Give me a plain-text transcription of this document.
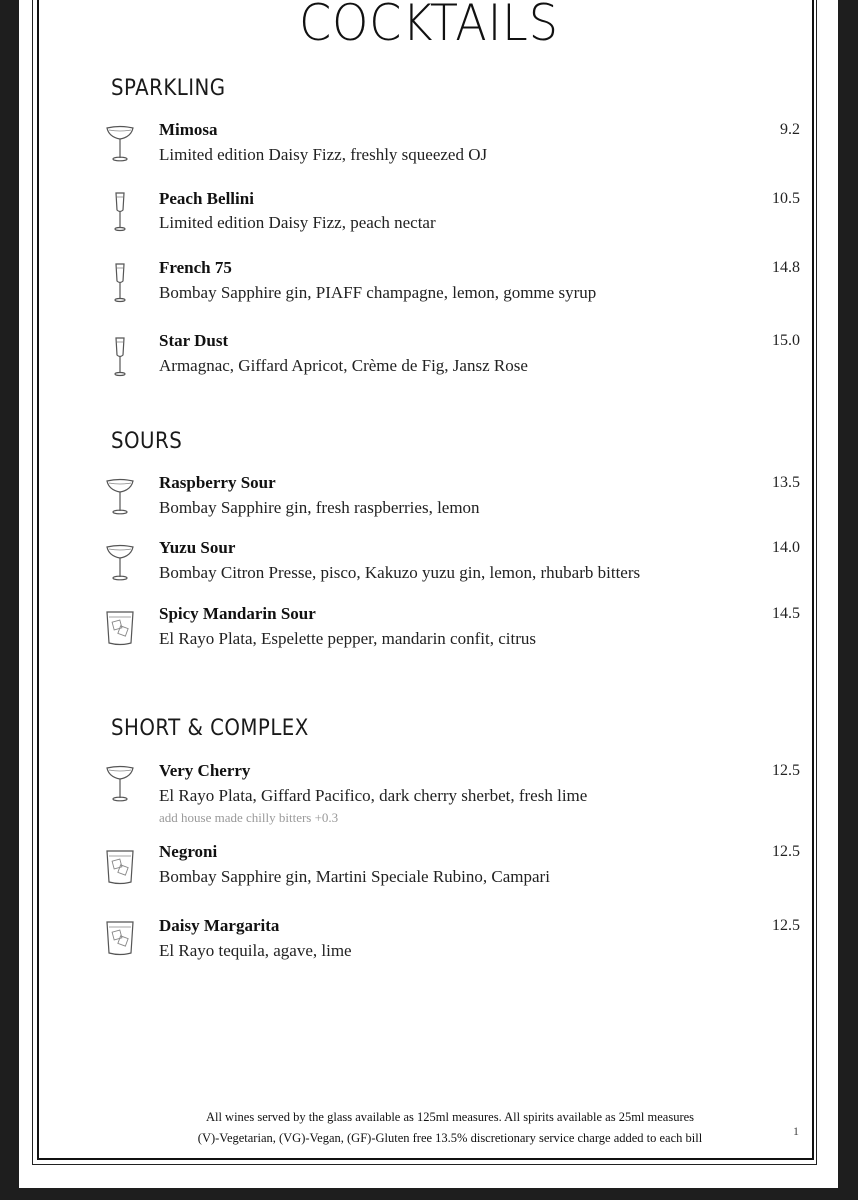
COCKTAILS
SPARKLING
Mimosa	9.2
Limited edition Daisy Fizz, freshly squeezed OJ
Peach Bellini	10.5
Limited edition Daisy Fizz, peach nectar
French 75	14.8
Bombay Sapphire gin, PIAFF champagne, lemon, gomme syrup
Star Dust	15.0
Armagnac, Giffard Apricot, Crème de Fig, Jansz Rose
SOURS
Raspberry Sour	13.5
Bombay Sapphire gin, fresh raspberries, lemon
Yuzu Sour	14.0
Bombay Citron Presse, pisco, Kakuzo yuzu gin, lemon, rhubarb bitters
Spicy Mandarin Sour	14.5
El Rayo Plata, Espelette pepper, mandarin confit, citrus
SHORT & COMPLEX
Very Cherry	12.5
El Rayo Plata, Giffard Pacifico, dark cherry sherbet, fresh lime
add house made chilly bitters +0.3
Negroni	12.5
Bombay Sapphire gin, Martini Speciale Rubino, Campari
Daisy Margarita	12.5
El Rayo tequila, agave, lime
All wines served by the glass available as 125ml measures. All spirits available as 25ml measures
(V)-Vegetarian, (VG)-Vegan, (GF)-Gluten free 13.5% discretionary service charge added to each bill	1
